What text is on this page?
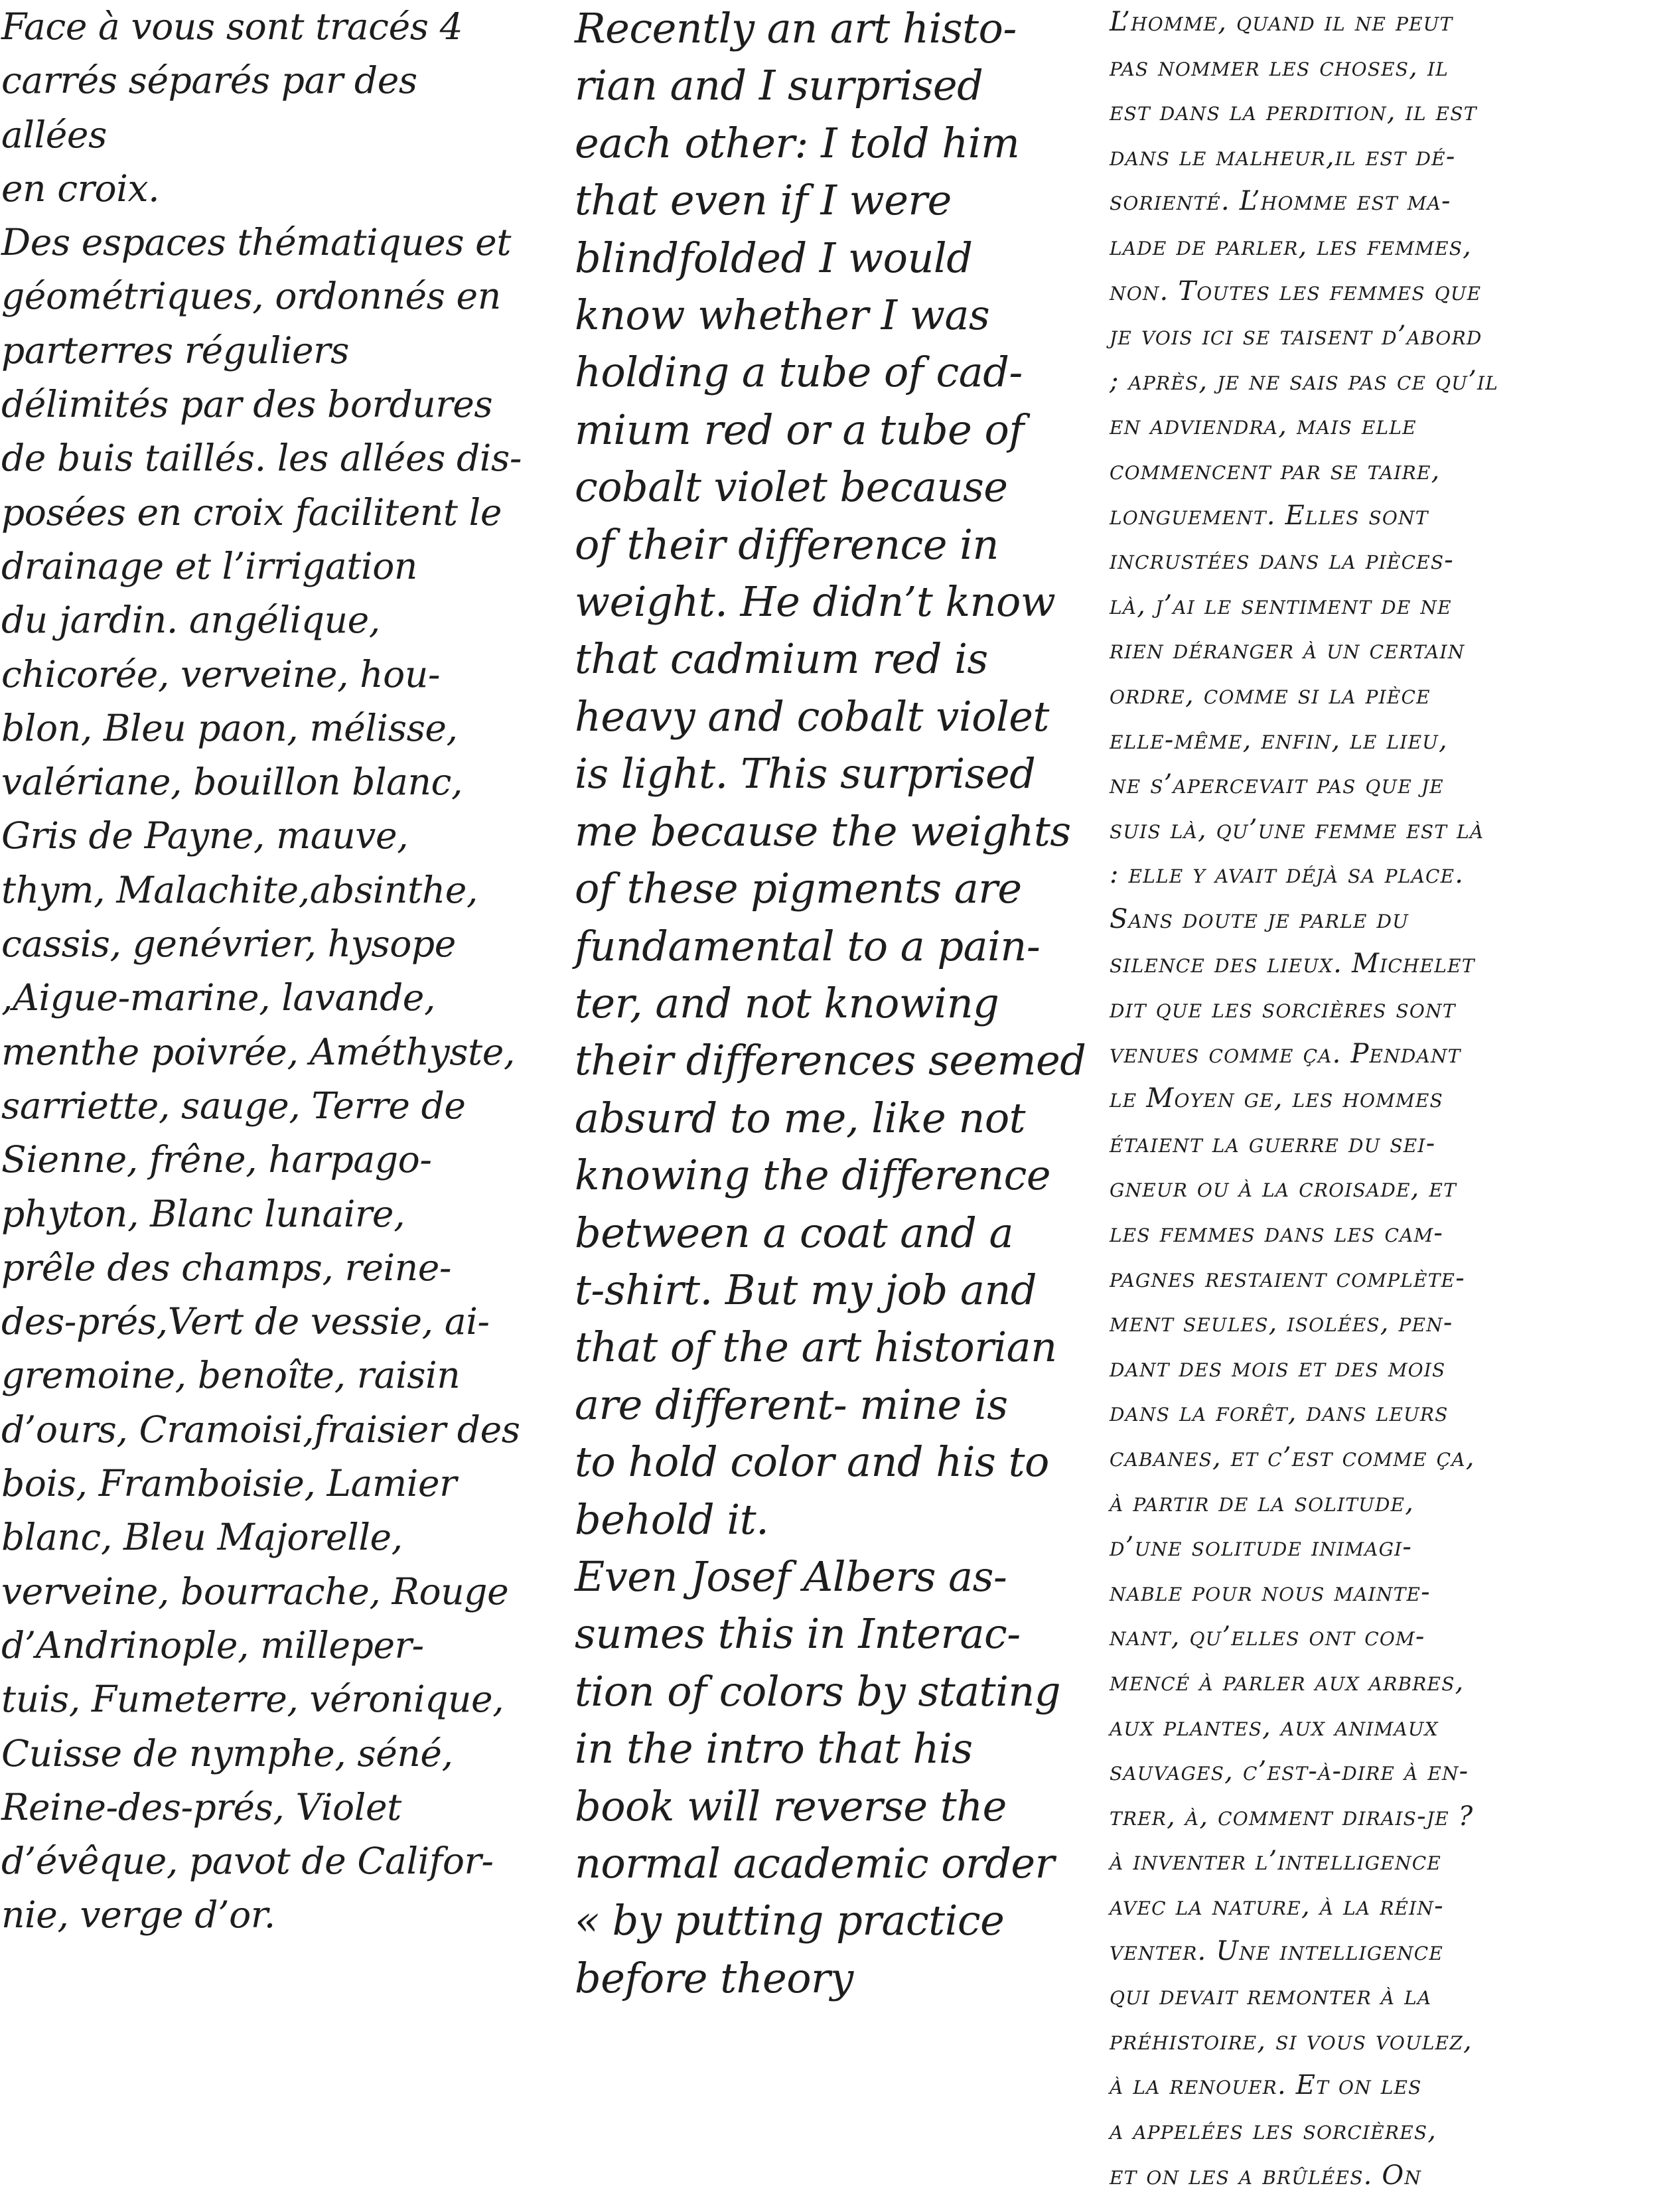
Face à vous sont tracés 4
carrés séparés par des allées
en croix.

Des espaces thématiques et
géométriques, ordonnés en
parterres réguliers
délimités par des bordures
de buis taillés. les allées dis-
posées en croix facilitent le
drainage et l’irrigation
du jardin. angélique,
chicorée, verveine, hou-
blon, Bleu paon, mélisse,
valériane, bouillon blanc,
Gris de Payne, mauve,
thym, Malachite,absinthe,
cassis, genévrier, hysope
,Aigue-marine, lavande,
menthe poivrée, Améthyste,
sarriette, sauge, Terre de
Sienne, frêne, harpago-
phyton, Blanc lunaire,
prêle des champs, reine-
des-prés,Vert de vessie, ai-
gremoine, benoîte, raisin
d’ours, Cramoisi,fraisier des
bois, Framboisie, Lamier
blanc, Bleu Majorelle,
verveine, bourrache, Rouge
d’Andrinople, milleper-
tuis, Fumeterre, véronique,
Cuisse de nymphe, séné,
Reine-des-prés, Violet
d’évêque, pavot de Califor-
nie, verge d’or.

Recently an art histo-
rian and I surprised
each other: I told him
that even if I were
blindfolded I would
know whether I was
holding a tube of cad-
mium red or a tube of
cobalt violet because
of their difference in
weight. He didn’t know
that cadmium red is
heavy and cobalt violet
is light. This surprised
me because the weights
of these pigments are
fundamental to a pain-
ter, and not knowing
their differences seemed
absurd to me, like not
knowing the difference
between a coat and a
t-shirt. But my job and
that of the art historian
are different- mine is
to hold color and his to
behold it.

Even Josef Albers as-
sumes this in Interac-
tion of colors by stating
in the intro that his
book will reverse the
normal academic order
« by putting practice
before theory

L’homme, quand il ne peut
pas nommer les choses, il
est dans la perdition, il est
dans le malheur,il est dé-
sorienté. L’homme est ma-
lade de parler, les femmes,
non. Toutes les femmes que
je vois ici se taisent d’abord
; après, je ne sais pas ce qu’il
en adviendra, mais elle
commencent par se taire,
longuement. Elles sont
incrustées dans la pièces-
là, j’ai le sentiment de ne
rien déranger à un certain
ordre, comme si la pièce
elle-même, enfin, le lieu,
ne s’apercevait pas que je
suis là, qu’une femme est là
: elle y avait déjà sa place.
Sans doute je parle du
silence des lieux. Michelet
dit que les sorcières sont
venues comme ça. Pendant
le Moyen ge, les hommes
étaient la guerre du sei-
gneur ou à la croisade, et
les femmes dans les cam-
pagnes restaient complète-
ment seules, isolées, pen-
dant des mois et des mois
dans la forêt, dans leurs
cabanes, et c’est comme ça,
à partir de la solitude,
d’une solitude inimagi-
nable pour nous mainte-
nant, qu’elles ont com-
mencé à parler aux arbres,
aux plantes, aux animaux
sauvages, c’est-à-dire à en-
trer, à, comment dirais-je ?
à inventer l’intelligence
avec la nature, à la réin-
venter. Une intelligence
qui devait remonter à la
préhistoire, si vous voulez,
à la renouer. Et on les
a appelées les sorcières,
et on les a brûlées. On
